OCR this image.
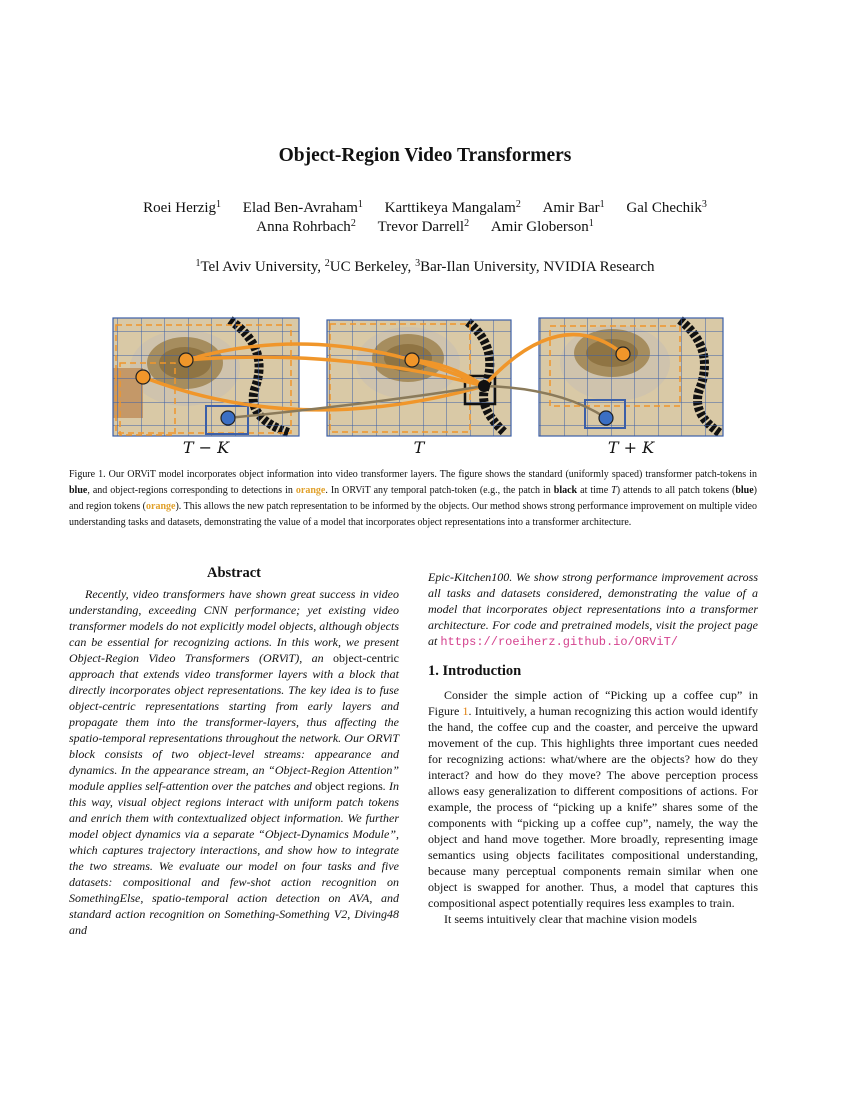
Object-Region Video Transformers
Roei Herzig$^1$ Elad Ben-Avraham$^1$ Karttikeya Mangalam$^2$ Amir Bar$^1$ Gal Chechik$^3$
Anna Rohrbach$^2$ Trevor Darrell$^2$ Amir Globerson$^1$
$^1$Tel Aviv University, $^2$UC Berkeley, $^3$Bar-Ilan University, NVIDIA Research
T − K	T	T + K
Figure 1. Our ORViT model incorporates object information into video transformer layers. The figure shows the standard (uniformly spaced) transformer patch-tokens in blue, and object-regions corresponding to detections in orange. In ORViT any temporal patch-token (e.g., the patch in black at time T) attends to all patch tokens (blue) and region tokens (orange). This allows the new patch representation to be informed by the objects. Our method shows strong performance improvement on multiple video understanding tasks and datasets, demonstrating the value of a model that incorporates object representations into a transformer architecture.
Abstract
Recently, video transformers have shown great success in video understanding, exceeding CNN performance; yet existing video transformer models do not explicitly model objects, although objects can be essential for recognizing actions. In this work, we present Object-Region Video Transformers (ORViT), an object-centric approach that extends video transformer layers with a block that directly incorporates object representations. The key idea is to fuse object-centric representations starting from early layers and propagate them into the transformer-layers, thus affecting the spatio-temporal representations throughout the network. Our ORViT block consists of two object-level streams: appearance and dynamics. In the appearance stream, an “Object-Region Attention” module applies self-attention over the patches and object regions. In this way, visual object regions interact with uniform patch tokens and enrich them with contextualized object information. We further model object dynamics via a separate “Object-Dynamics Module”, which captures trajectory interactions, and show how to integrate the two streams. We evaluate our model on four tasks and five datasets: compositional and few-shot action recognition on SomethingElse, spatio-temporal action detection on AVA, and standard action recognition on Something-Something V2, Diving48 and
Epic-Kitchen100. We show strong performance improvement across all tasks and datasets considered, demonstrating the value of a model that incorporates object representations into a transformer architecture. For code and pretrained models, visit the project page at https://roeiherz.github.io/ORViT/
1. Introduction
Consider the simple action of “Picking up a coffee cup” in Figure 1. Intuitively, a human recognizing this action would identify the hand, the coffee cup and the coaster, and perceive the upward movement of the cup. This highlights three important cues needed for recognizing actions: what/where are the objects? how do they interact? and how do they move? The above perception process allows easy generalization to different compositions of actions. For example, the process of “picking up a knife” shares some of the components with “picking up a coffee cup”, namely, the way the object and hand move together. More broadly, representing image semantics using objects facilitates compositional understanding, because many perceptual components remain similar when one object is swapped for another. Thus, a model that captures this compositional aspect potentially requires less examples to train.
It seems intuitively clear that machine vision models
